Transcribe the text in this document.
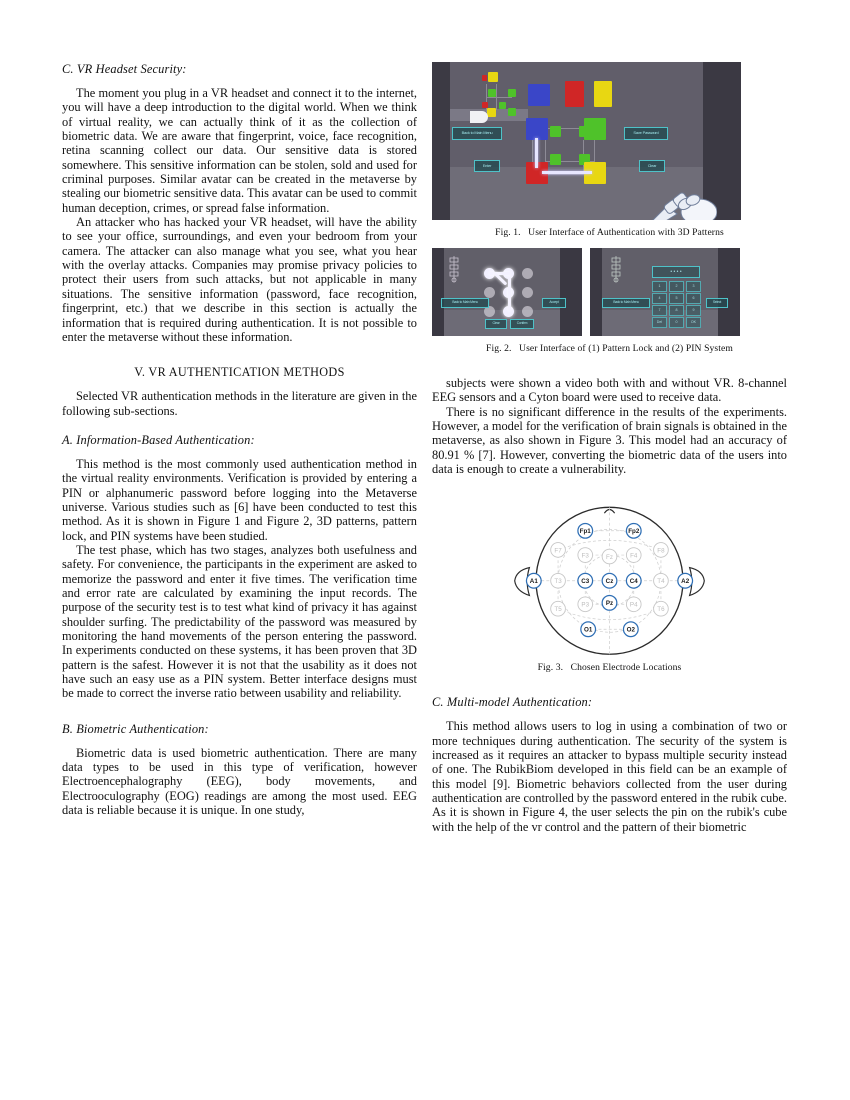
C. VR Headset Security:

The moment you plug in a VR headset and connect it to the internet, you will have a deep introduction to the digital world. When we think of virtual reality, we can actually think of it as the collection of biometric data. We are aware that fingerprint, voice, face recognition, retina scanning collect our data. Our sensitive data is stored somewhere. This sensitive information can be stolen, sold and used for criminal purposes. Similar avatar can be created in the metaverse by stealing our biometric sensitive data. This avatar can be used to commit human deception, crimes, or spread false information.

An attacker who has hacked your VR headset, will have the ability to see your office, surroundings, and even your bedroom from your camera. The attacker can also manage what you see, what you hear with the overlay attacks. Companies may promise privacy policies to protect their users from such attacks, but not applicable in many situations. The sensitive information (password, face recognition, fingerprint, etc.) that we describe in this section is actually the information that is required during authentication. It is not possible to enter the metaverse without these information.

V. VR AUTHENTICATION METHODS

Selected VR authentication methods in the literature are given in the following sub-sections.

A. Information-Based Authentication:

This method is the most commonly used authentication method in the virtual reality environments. Verification is provided by entering a PIN or alphanumeric password before logging into the Metaverse universe. Various studies such as [6] have been conducted to test this method. As it is shown in Figure 1 and Figure 2, 3D patterns, pattern lock, and PIN systems have been studied.

The test phase, which has two stages, analyzes both usefulness and safety. For convenience, the participants in the experiment are asked to memorize the password and enter it five times. The verification time and error rate are calculated by examining the input records. The purpose of the security test is to test what kind of privacy it has against shoulder surfing. The predictability of the password was measured by monitoring the hand movements of the person entering the password. In experiments conducted on these systems, it has been proven that 3D pattern is the safest. However it is not that the usability as it does not have such an easy use as a PIN system. Better interface designs must be made to correct the inverse ratio between usability and reliability.

B. Biometric Authentication:

Biometric data is used biometric authentication. There are many data types to be used in this type of verification, however Electroencephalography (EEG), body movements, and Electrooculography (EOG) readings are among the most used. EEG data is reliable because it is unique. In one study,

Back to Main Menu	Save Password
Enter	Clear
Fig. 1. User Interface of Authentication with 3D Patterns
Back to Main Menu	Accept
Clear	Confirm
• • • •
1	2	3
4	5	6
7	8	9
Del	0	OK
Back to Main Menu	Select
Fig. 2. User Interface of (1) Pattern Lock and (2) PIN System

subjects were shown a video both with and without VR. 8-channel EEG sensors and a Cyton board were used to receive data.

There is no significant difference in the results of the experiments. However, a model for the verification of brain signals is obtained in the metaverse, as also shown in Figure 3. This model had an accuracy of 80.91 % [7]. However, converting the biometric data of the users into data is enough to create a vulnerability.

Fp1	Fp2
F7
F3 Fz F4
F8
A1 T3 C3 Cz C4 T4 A2
T5
P3 Pz P4
T6
O1	O2
Fig. 3. Chosen Electrode Locations
C. Multi-model Authentication:

This method allows users to log in using a combination of two or more techniques during authentication. The security of the system is increased as it requires an attacker to bypass multiple security instead of one. The RubikBiom developed in this field can be an example of this model [9]. Biometric behaviors collected from the user during authentication are controlled by the password entered in the rubik cube. As it is shown in Figure 4, the user selects the pin on the rubik's cube with the help of the vr control and the pattern of their biometric
